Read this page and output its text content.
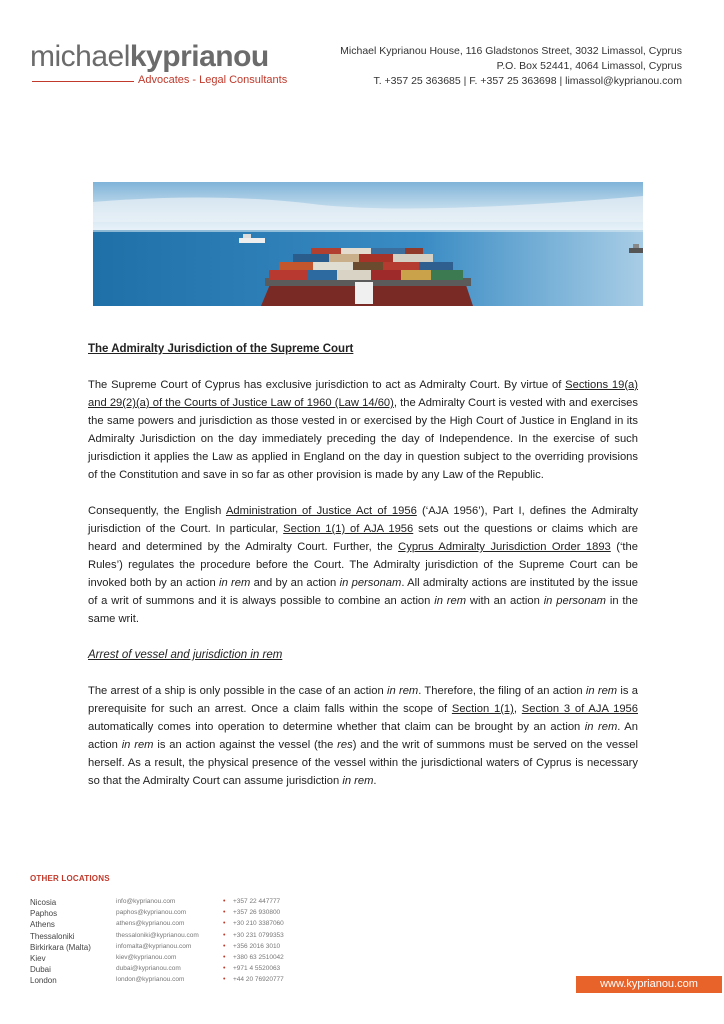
michaelkyprianou
Advocates - Legal Consultants
Michael Kyprianou House, 116 Gladstonos Street, 3032 Limassol, Cyprus
P.O. Box 52441, 4064 Limassol, Cyprus
T. +357 25 363685 | F. +357 25 363698 | limassol@kyprianou.com
The Admiralty Jurisdiction of the Supreme Court

The Supreme Court of Cyprus has exclusive jurisdiction to act as Admiralty Court. By virtue of Sections 19(a) and 29(2)(a) of the Courts of Justice Law of 1960 (Law 14/60), the Admiralty Court is vested with and exercises the same powers and jurisdiction as those vested in or exercised by the High Court of Justice in England in its Admiralty Jurisdiction on the day immediately preceding the day of Independence. In the exercise of such jurisdiction it applies the Law as applied in England on the day in question subject to the overriding provisions of the Constitution and save in so far as other provision is made by any Law of the Republic.

Consequently, the English Administration of Justice Act of 1956 (‘AJA 1956’), Part I, defines the Admiralty jurisdiction of the Court. In particular, Section 1(1) of AJA 1956 sets out the questions or claims which are heard and determined by the Admiralty Court. Further, the Cyprus Admiralty Jurisdiction Order 1893 (‘the Rules’) regulates the procedure before the Court. The Admiralty jurisdiction of the Supreme Court can be invoked both by an action in rem and by an action in personam. All admiralty actions are instituted by the issue of a writ of summons and it is always possible to combine an action in rem with an action in personam in the same writ.

Arrest of vessel and jurisdiction in rem

The arrest of a ship is only possible in the case of an action in rem. Therefore, the filing of an action in rem is a prerequisite for such an arrest. Once a claim falls within the scope of Section 1(1), Section 3 of AJA 1956 automatically comes into operation to determine whether that claim can be brought by an action in rem. An action in rem is an action against the vessel (the res) and the writ of summons must be served on the vessel herself. As a result, the physical presence of the vessel within the jurisdictional waters of Cyprus is necessary so that the Admiralty Court can assume jurisdiction in rem.

OTHER LOCATIONS
Nicosia	info@kyprianou.com	+357 22 447777
•
Paphos	paphos@kyprianou.com	+357 26 930800
•
Athens	athens@kyprianou.com	+30 210 3387060
•
Thessaloniki	thessaloniki@kyprianou.com	+30 231 0799353
•
Birkirkara (Malta)	infomalta@kyprianou.com	+356 2016 3010
•
Kiev	kiev@kyprianou.com	+380 63 2510042
•
Dubai	dubai@kyprianou.com	+971 4 5520063
•
London	london@kyprianou.com	+44 20 76920777
•	www.kyprianou.com
